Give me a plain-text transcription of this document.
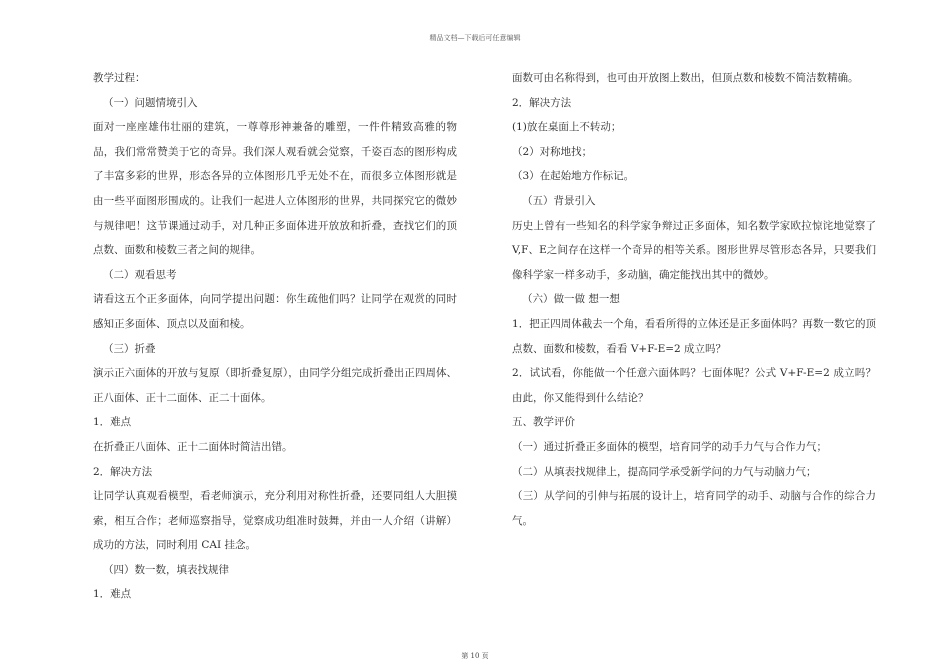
精品文档—下载后可任意编辑

教学过程：

（一）问题情境引入

面对一座座雄伟壮丽的建筑，一尊尊形神兼备的雕塑，一件件精致高雅的物品，我们常常赞美于它的奇异。我们深人观看就会觉察，千姿百态的图形构成了丰富多彩的世界，形态各异的立体图形几乎无处不在，而很多立体图形就是由一些平面图形围成的。让我们一起进人立体图形的世界，共同探究它的微妙与规律吧！这节课通过动手，对几种正多面体进开放放和折叠，查找它们的顶点数、面数和棱数三者之间的规律。

（二）观看思考

请看这五个正多面体，向同学提出问题：你生疏他们吗？让同学在观赏的同时感知正多面体、顶点以及面和棱。

（三）折叠

演示正六面体的开放与复原（即折叠复原），由同学分组完成折叠出正四周体、正八面体、正十二面体、正二十面体。

1．难点

在折叠正八面体、正十二面体时简洁出错。

2．解决方法

让同学认真观看模型，看老师演示，充分利用对称性折叠，还要同组人大胆摸索，相互合作；老师巡察指导，觉察成功组准时鼓舞，并由一人介绍（讲解）成功的方法，同时利用 CAI 挂念。

（四）数一数，填表找规律

1．难点

面数可由名称得到，也可由开放图上数出，但顶点数和棱数不简洁数精确。

2．解决方法

(1)放在桌面上不转动；

（2）对称地找；

（3）在起始地方作标记。

（五）背景引入

历史上曾有一些知名的科学家争辩过正多面体，知名数学家欧拉惊诧地觉察了V,F、E之间存在这样一个奇异的相等关系。图形世界尽管形态各异，只要我们像科学家一样多动手，多动脑，确定能找出其中的微妙。

（六）做一做 想一想

1．把正四周体截去一个角，看看所得的立体还是正多面体吗？再数一数它的顶点数、面数和棱数，看看 V+F-E=2 成立吗？

2．试试看，你能做一个任意六面体吗？七面体呢？公式 V+F-E=2 成立吗？由此，你又能得到什么结论？

五、教学评价

（一）通过折叠正多面体的模型，培育同学的动手力气与合作力气；

（二）从填表找规律上，提高同学承受新学问的力气与动脑力气；

（三）从学问的引伸与拓展的设计上，培育同学的动手、动脑与合作的综合力气。

第 10 页
